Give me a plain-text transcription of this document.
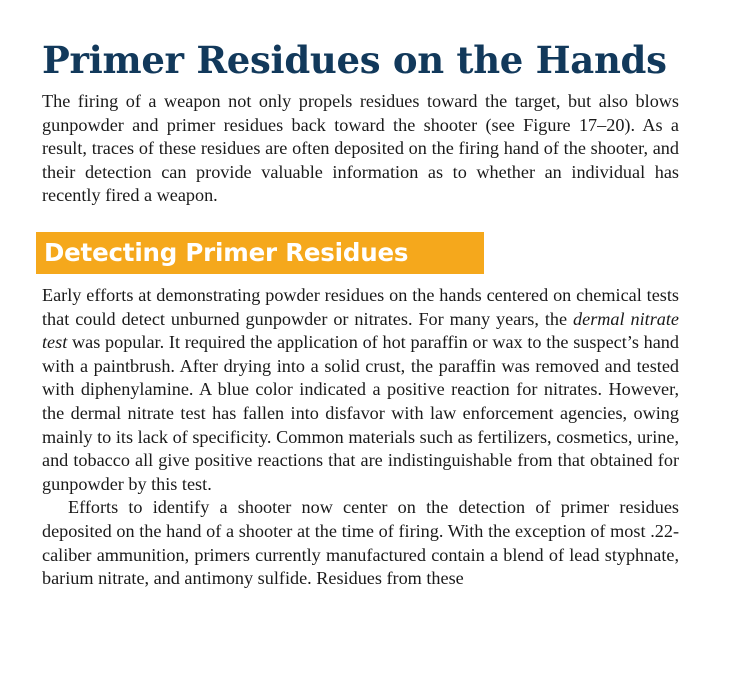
Primer Residues on the Hands

The firing of a weapon not only propels residues toward the target, but also blows gunpowder and primer residues back toward the shooter (see Figure 17–20). As a result, traces of these residues are often deposited on the firing hand of the shooter, and their detection can provide valuable information as to whether an individual has recently fired a weapon.

Detecting Primer Residues

Early efforts at demonstrating powder residues on the hands centered on chemical tests that could detect unburned gunpowder or nitrates. For many years, the dermal nitrate test was popular. It required the application of hot paraffin or wax to the suspect’s hand with a paintbrush. After drying into a solid crust, the paraffin was removed and tested with diphenylamine. A blue color indicated a positive reaction for nitrates. However, the dermal nitrate test has fallen into disfavor with law enforcement agencies, owing mainly to its lack of specificity. Common materials such as fertilizers, cosmetics, urine, and tobacco all give positive reactions that are indistinguishable from that obtained for gunpowder by this test.

Efforts to identify a shooter now center on the detection of primer residues deposited on the hand of a shooter at the time of firing. With the exception of most .22-caliber ammunition, primers currently manufactured contain a blend of lead styphnate, barium nitrate, and antimony sulfide. Residues from these
